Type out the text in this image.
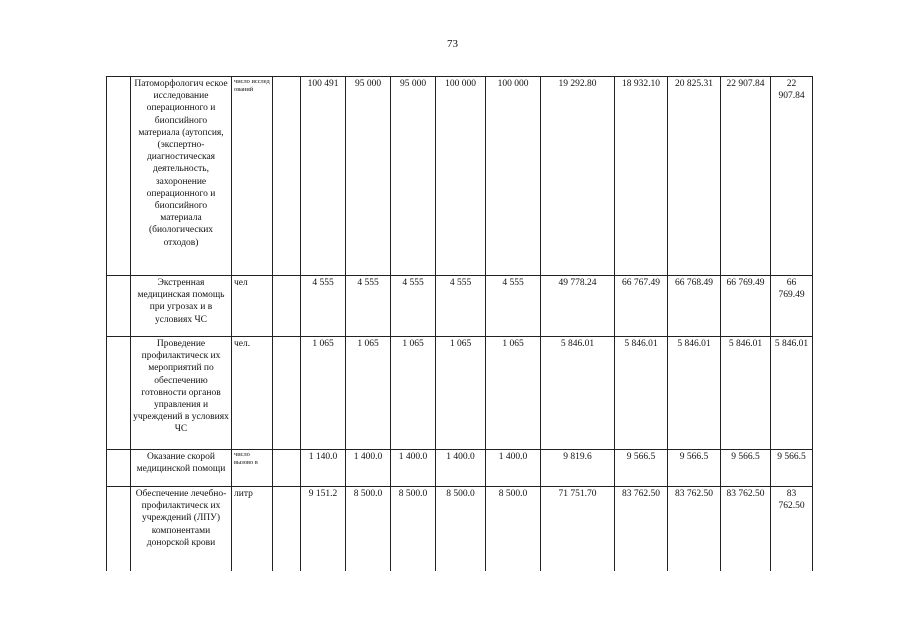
73
	Патоморфологич еское исследование операционного и биопсийного материала (аутопсия, (экспертно-диагностическая деятельность, захоронение операционного и биопсийного материала (биологических отходов)	число исслед ований		100 491	95 000	95 000	100 000	100 000	19 292.80	18 932.10	20 825.31	22 907.84	22 907.84
	Экстренная медицинская помощь при угрозах и в условиях ЧС	чел		4 555	4 555	4 555	4 555	4 555	49 778.24	66 767.49	66 768.49	66 769.49	66 769.49
	Проведение профилактическ их мероприятий по обеспечению готовности органов управления и учреждений в условиях ЧС	чел.		1 065	1 065	1 065	1 065	1 065	5 846.01	5 846.01	5 846.01	5 846.01	5 846.01
	Оказание скорой медицинской помощи	число вызово в		1 140.0	1 400.0	1 400.0	1 400.0	1 400.0	9 819.6	9 566.5	9 566.5	9 566.5	9 566.5
	Обеспечение лечебно-профилактическ их учреждений (ЛПУ) компонентами донорской крови	литр		9 151.2	8 500.0	8 500.0	8 500.0	8 500.0	71 751.70	83 762.50	83 762.50	83 762.50	83 762.50
